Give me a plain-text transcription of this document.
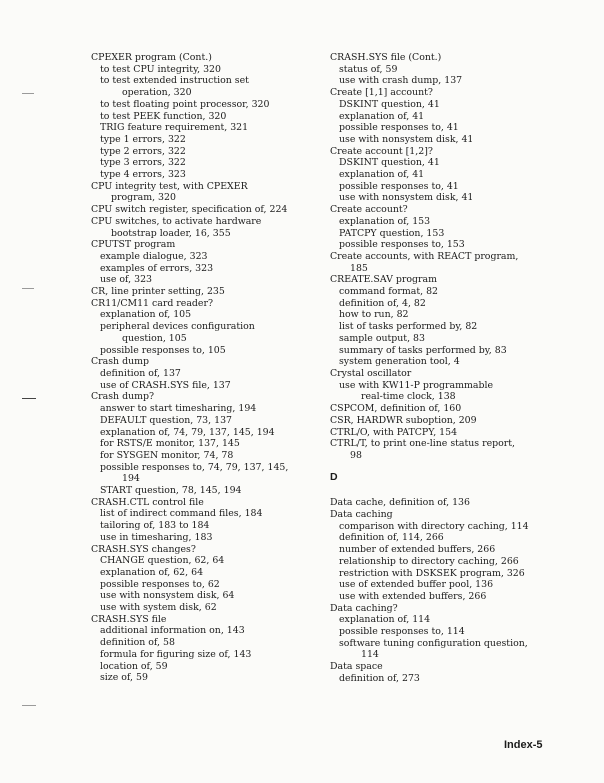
CPEXER program (Cont.)
to test CPU integrity, 320
to test extended instruction set
operation, 320
to test floating point processor, 320
to test PEEK function, 320
TRIG feature requirement, 321
type 1 errors, 322
type 2 errors, 322
type 3 errors, 322
type 4 errors, 323
CPU integrity test, with CPEXER
program, 320
CPU switch register, specification of, 224
CPU switches, to activate hardware
bootstrap loader, 16, 355
CPUTST program
example dialogue, 323
examples of errors, 323
use of, 323
CR, line printer setting, 235
CR11/CM11 card reader?
explanation of, 105
peripheral devices configuration
question, 105
possible responses to, 105
Crash dump
definition of, 137
use of CRASH.SYS file, 137
Crash dump?
answer to start timesharing, 194
DEFAULT question, 73, 137
explanation of, 74, 79, 137, 145, 194
for RSTS/E monitor, 137, 145
for SYSGEN monitor, 74, 78
possible responses to, 74, 79, 137, 145,
194
START question, 78, 145, 194
CRASH.CTL control file
list of indirect command files, 184
tailoring of, 183 to 184
use in timesharing, 183
CRASH.SYS changes?
CHANGE question, 62, 64
explanation of, 62, 64
possible responses to, 62
use with nonsystem disk, 64
use with system disk, 62
CRASH.SYS file
additional information on, 143
definition of, 58
formula for figuring size of, 143
location of, 59
size of, 59
CRASH.SYS file (Cont.)
status of, 59
use with crash dump, 137
Create [1,1] account?
DSKINT question, 41
explanation of, 41
possible responses to, 41
use with nonsystem disk, 41
Create account [1,2]?
DSKINT question, 41
explanation of, 41
possible responses to, 41
use with nonsystem disk, 41
Create account?
explanation of, 153
PATCPY question, 153
possible responses to, 153
Create accounts, with REACT program,
185
CREATE.SAV program
command format, 82
definition of, 4, 82
how to run, 82
list of tasks performed by, 82
sample output, 83
summary of tasks performed by, 83
system generation tool, 4
Crystal oscillator
use with KW11-P programmable
real-time clock, 138
CSPCOM, definition of, 160
CSR, HARDWR suboption, 209
CTRL/O, with PATCPY, 154
CTRL/T, to print one-line status report,
98
D
Data cache, definition of, 136
Data caching
comparison with directory caching, 114
definition of, 114, 266
number of extended buffers, 266
relationship to directory caching, 266
restriction with DSKSEK program, 326
use of extended buffer pool, 136
use with extended buffers, 266
Data caching?
explanation of, 114
possible responses to, 114
software tuning configuration question,
114
Data space
definition of, 273
Index-5
